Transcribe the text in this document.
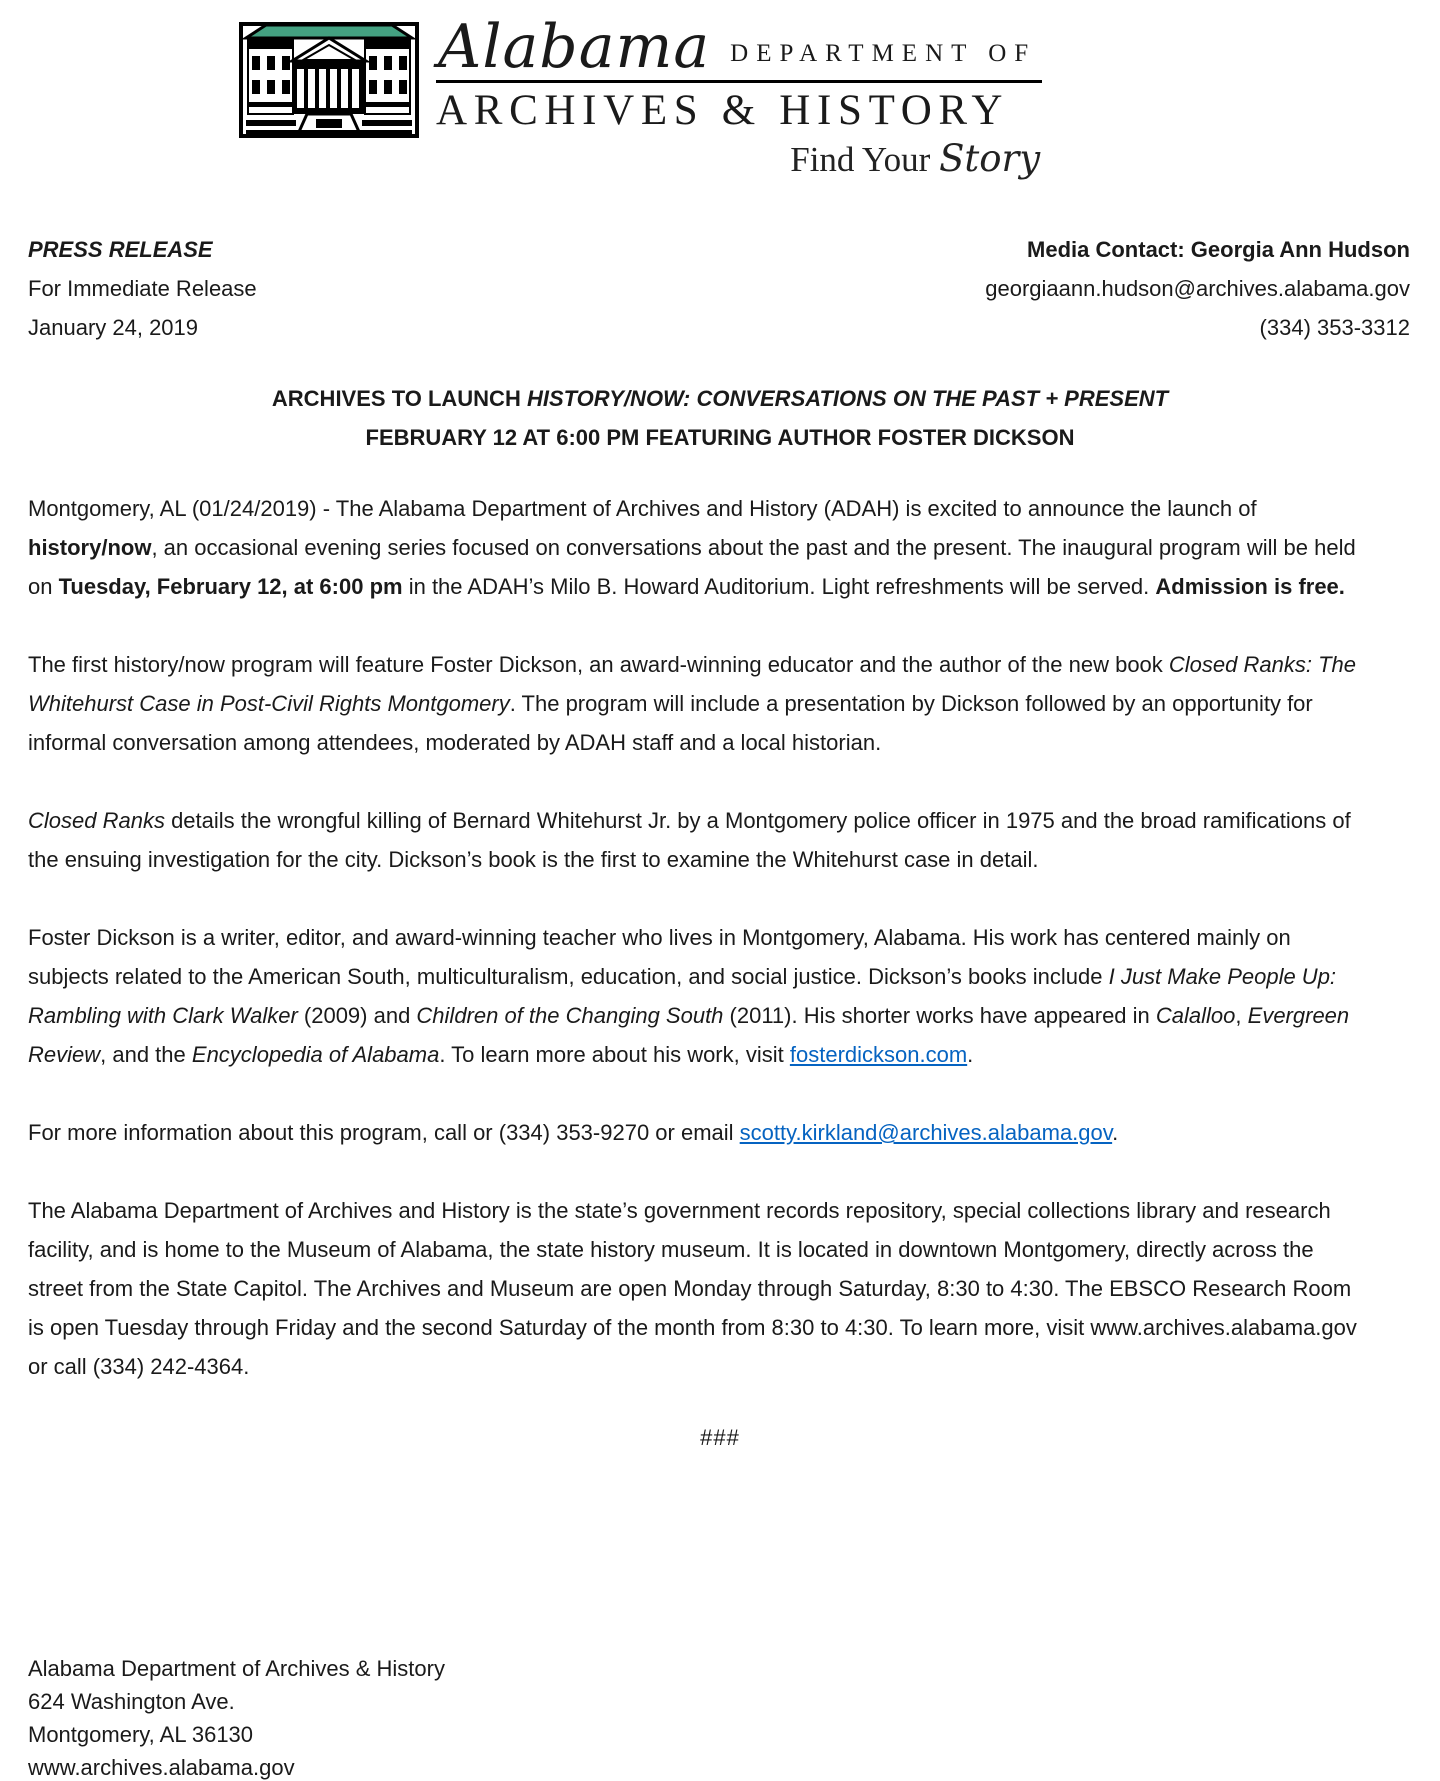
Alabama DEPARTMENT OF
ARCHIVES & HISTORY
Find Your Story
PRESS RELEASE
For Immediate Release
January 24, 2019
Media Contact: Georgia Ann Hudson
georgiaann.hudson@archives.alabama.gov
(334) 353-3312
ARCHIVES TO LAUNCH HISTORY/NOW: CONVERSATIONS ON THE PAST + PRESENT
FEBRUARY 12 AT 6:00 PM FEATURING AUTHOR FOSTER DICKSON

Montgomery, AL (01/24/2019) - The Alabama Department of Archives and History (ADAH) is excited to announce the launch of history/now, an occasional evening series focused on conversations about the past and the present. The inaugural program will be held on Tuesday, February 12, at 6:00 pm in the ADAH’s Milo B. Howard Auditorium. Light refreshments will be served. Admission is free.

The first history/now program will feature Foster Dickson, an award-winning educator and the author of the new book Closed Ranks: The Whitehurst Case in Post-Civil Rights Montgomery. The program will include a presentation by Dickson followed by an opportunity for informal conversation among attendees, moderated by ADAH staff and a local historian.

Closed Ranks details the wrongful killing of Bernard Whitehurst Jr. by a Montgomery police officer in 1975 and the broad ramifications of the ensuing investigation for the city. Dickson’s book is the first to examine the Whitehurst case in detail.

Foster Dickson is a writer, editor, and award-winning teacher who lives in Montgomery, Alabama. His work has centered mainly on subjects related to the American South, multiculturalism, education, and social justice. Dickson’s books include I Just Make People Up: Rambling with Clark Walker (2009) and Children of the Changing South (2011). His shorter works have appeared in Calalloo, Evergreen Review, and the Encyclopedia of Alabama. To learn more about his work, visit fosterdickson.com.

For more information about this program, call or (334) 353-9270 or email scotty.kirkland@archives.alabama.gov.

The Alabama Department of Archives and History is the state’s government records repository, special collections library and research facility, and is home to the Museum of Alabama, the state history museum. It is located in downtown Montgomery, directly across the street from the State Capitol. The Archives and Museum are open Monday through Saturday, 8:30 to 4:30. The EBSCO Research Room is open Tuesday through Friday and the second Saturday of the month from 8:30 to 4:30. To learn more, visit www.archives.alabama.gov or call (334) 242-4364.

###
Alabama Department of Archives & History
624 Washington Ave.
Montgomery, AL 36130
www.archives.alabama.gov
